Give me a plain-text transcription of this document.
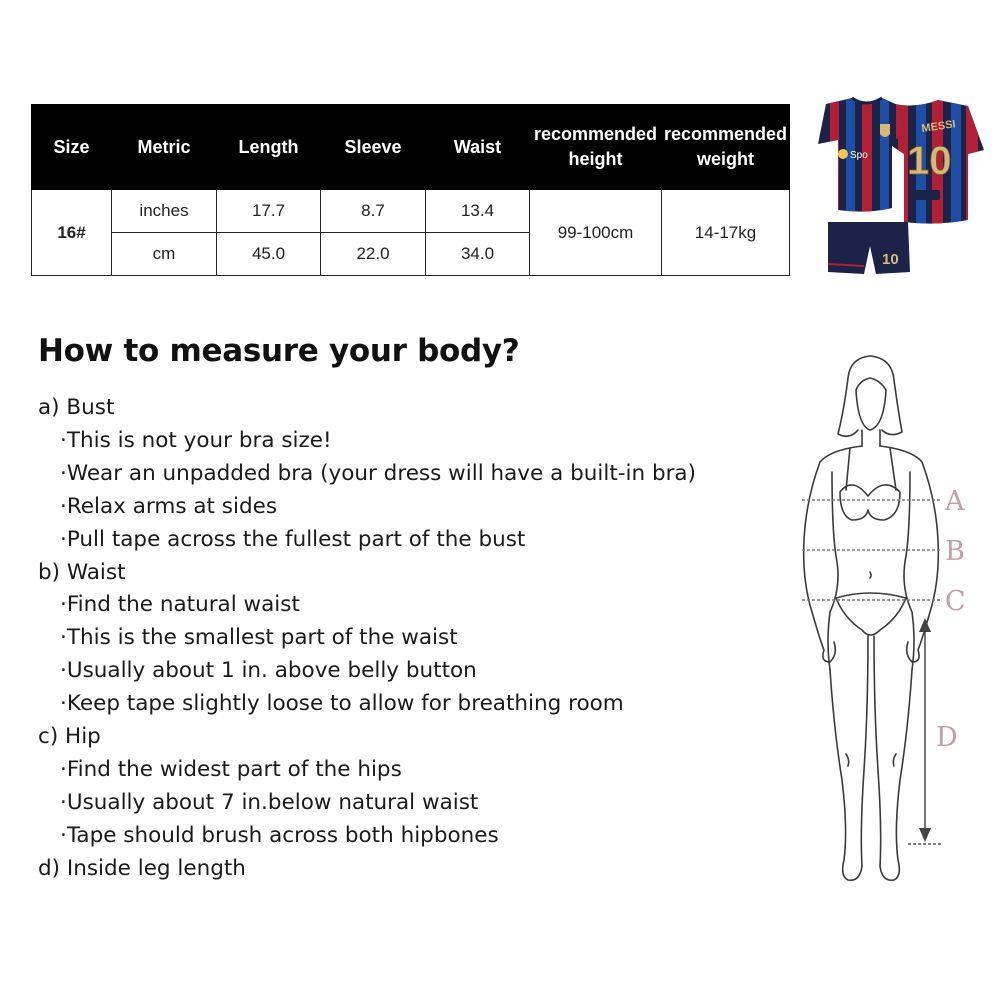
Size	Metric	Length	Sleeve	Waist	recommended height	recommended weight
16#	inches	17.7	8.7	13.4	99-100cm	14-17kg
	cm	45.0	22.0	34.0		
MESSI
10
Spo
10
How to measure your body?
a) Bust
·This is not your bra size!
·Wear an unpadded bra (your dress will have a built-in bra)
·Relax arms at sides
·Pull tape across the fullest part of the bust
b) Waist
·Find the natural waist
·This is the smallest part of the waist
·Usually about 1 in. above belly button
·Keep tape slightly loose to allow for breathing room
c) Hip
·Find the widest part of the hips
·Usually about 7 in.below natural waist
·Tape should brush across both hipbones
d) Inside leg length
A
B
C
D
